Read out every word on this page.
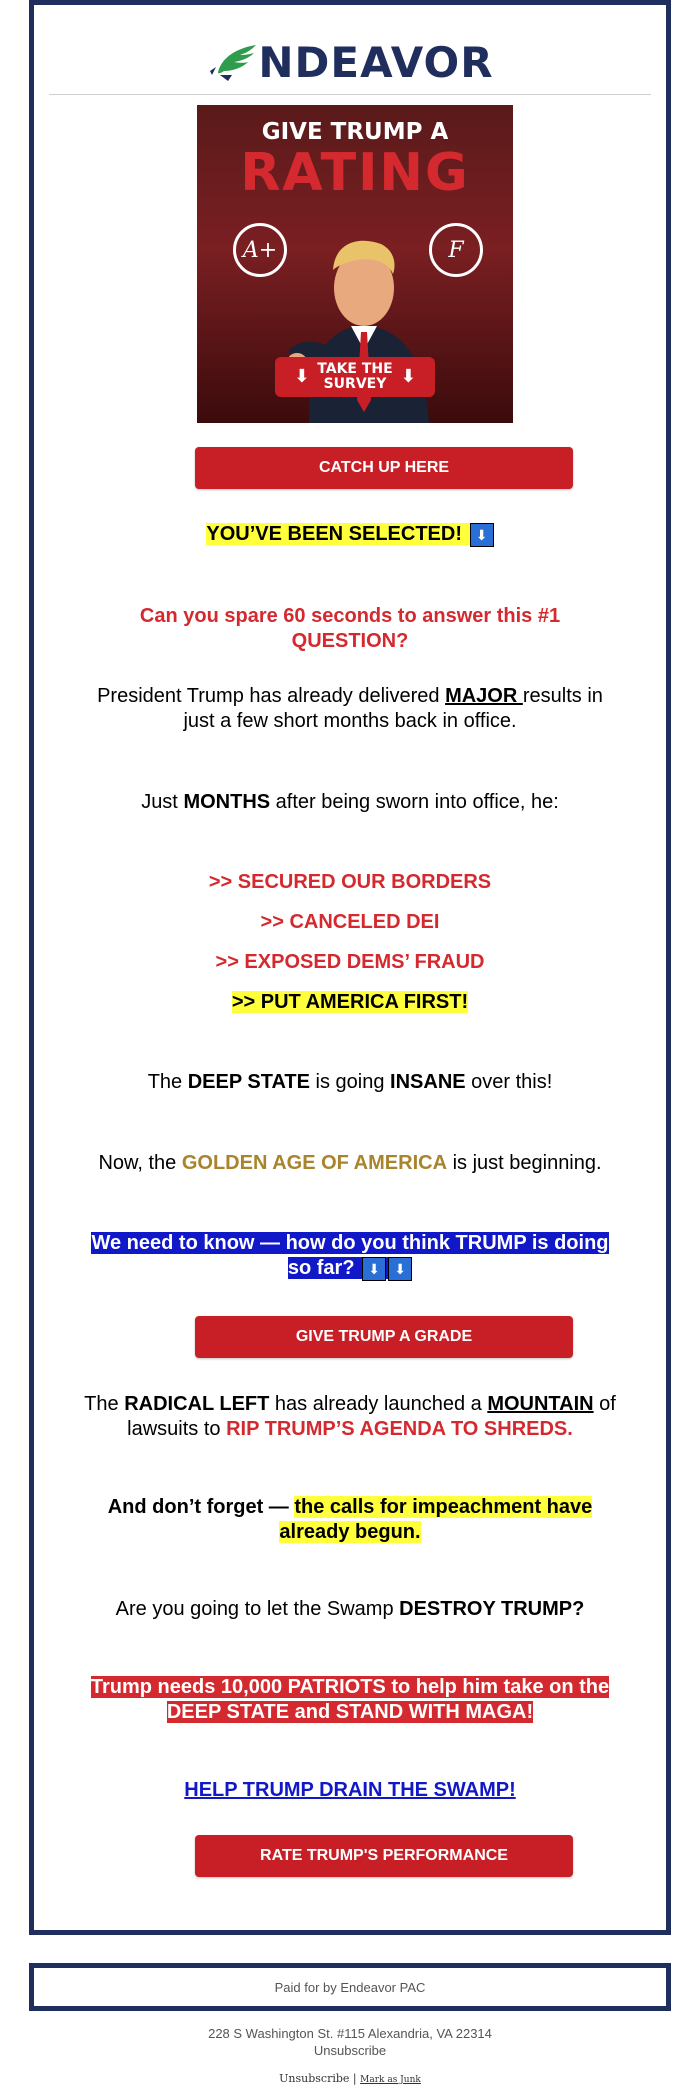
NDEAVOR
GIVE TRUMP A
RATING
A+	F
⬇ TAKE THE
SURVEY ⬇
CATCH UP HERE
YOU’VE BEEN SELECTED! ⬇
Can you spare 60 seconds to answer this #1 QUESTION?
President Trump has already delivered MAJOR results in just a few short months back in office.
Just MONTHS after being sworn into office, he:
>> SECURED OUR BORDERS
>> CANCELED DEI
>> EXPOSED DEMS’ FRAUD
>> PUT AMERICA FIRST!
The DEEP STATE is going INSANE over this!
Now, the GOLDEN AGE OF AMERICA is just beginning.
We need to know — how do you think TRUMP is doing so far? ⬇ ⬇
GIVE TRUMP A GRADE
The RADICAL LEFT has already launched a MOUNTAIN of lawsuits to RIP TRUMP’S AGENDA TO SHREDS.
And don’t forget — the calls for impeachment have already begun.
Are you going to let the Swamp DESTROY TRUMP?
Trump needs 10,000 PATRIOTS to help him take on the DEEP STATE and STAND WITH MAGA!
HELP TRUMP DRAIN THE SWAMP!
RATE TRUMP'S PERFORMANCE
Paid for by Endeavor PAC
228 S Washington St. #115 Alexandria, VA 22314
Unsubscribe
Unsubscribe | Mark as Junk
